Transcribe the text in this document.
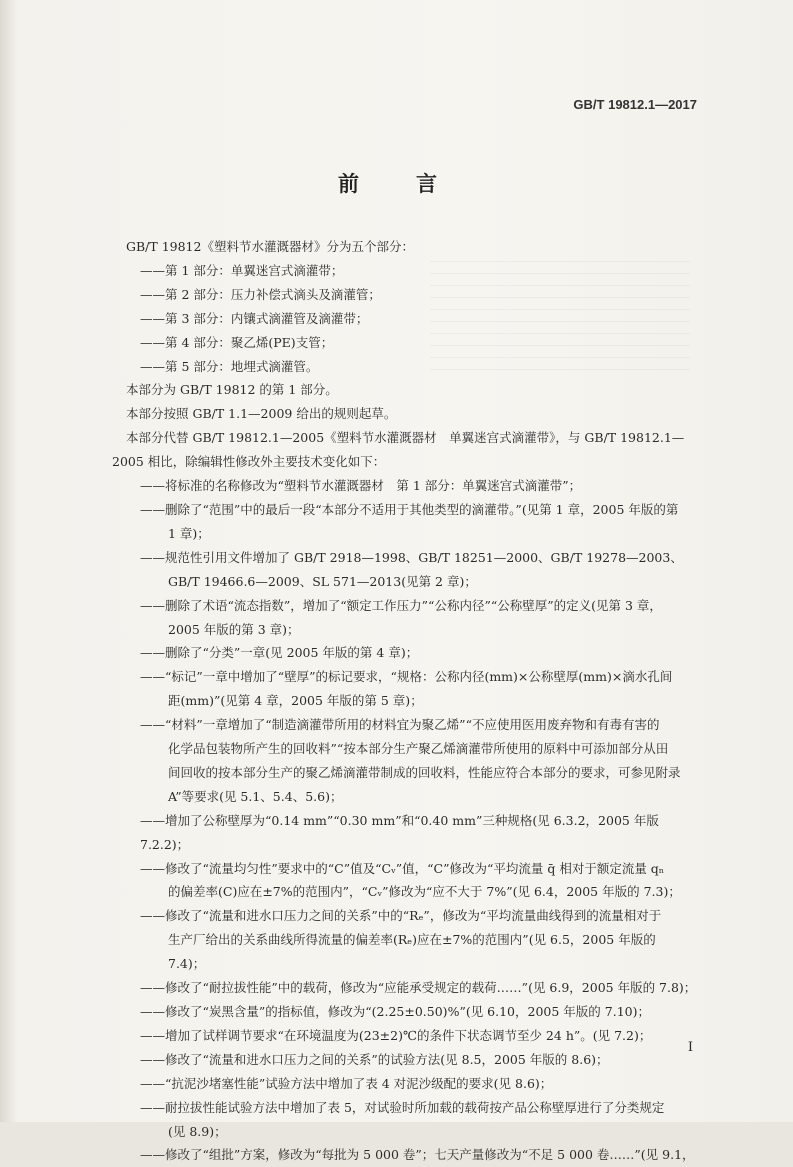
GB/T 19812.1—2017
前　言

GB/T 19812《塑料节水灌溉器材》分为五个部分：

——第 1 部分：单翼迷宫式滴灌带；

——第 2 部分：压力补偿式滴头及滴灌管；

——第 3 部分：内镶式滴灌管及滴灌带；

——第 4 部分：聚乙烯(PE)支管；

——第 5 部分：地埋式滴灌管。

本部分为 GB/T 19812 的第 1 部分。

本部分按照 GB/T 1.1—2009 给出的规则起草。

本部分代替 GB/T 19812.1—2005《塑料节水灌溉器材　单翼迷宫式滴灌带》，与 GB/T 19812.1—

2005 相比，除编辑性修改外主要技术变化如下：

——将标准的名称修改为“塑料节水灌溉器材　第 1 部分：单翼迷宫式滴灌带”；

——删除了“范围”中的最后一段“本部分不适用于其他类型的滴灌带。”(见第 1 章，2005 年版的第

1 章)；

——规范性引用文件增加了 GB/T 2918—1998、GB/T 18251—2000、GB/T 19278—2003、

GB/T 19466.6—2009、SL 571—2013(见第 2 章)；

——删除了术语“流态指数”，增加了“额定工作压力”“公称内径”“公称壁厚”的定义(见第 3 章，

2005 年版的第 3 章)；

——删除了“分类”一章(见 2005 年版的第 4 章)；

——“标记”一章中增加了“壁厚”的标记要求，“规格：公称内径(mm)×公称壁厚(mm)×滴水孔间

距(mm)”(见第 4 章，2005 年版的第 5 章)；

——“材料”一章增加了“制造滴灌带所用的材料宜为聚乙烯”“不应使用医用废弃物和有毒有害的

化学品包装物所产生的回收料”“按本部分生产聚乙烯滴灌带所使用的原料中可添加部分从田

间回收的按本部分生产的聚乙烯滴灌带制成的回收料，性能应符合本部分的要求，可参见附录

A”等要求(见 5.1、5.4、5.6)；

——增加了公称壁厚为“0.14 mm”“0.30 mm”和“0.40 mm”三种规格(见 6.3.2，2005 年版 7.2.2)；

——修改了“流量均匀性”要求中的“C”值及“Cᵥ”值，“C”修改为“平均流量 q̄ 相对于额定流量 qₙ

的偏差率(C)应在±7%的范围内”，“Cᵥ”修改为“应不大于 7%”(见 6.4，2005 年版的 7.3)；

——修改了“流量和进水口压力之间的关系”中的“Rₑ”，修改为“平均流量曲线得到的流量相对于

生产厂给出的关系曲线所得流量的偏差率(Rₑ)应在±7%的范围内”(见 6.5，2005 年版的

7.4)；

——修改了“耐拉拔性能”中的载荷，修改为“应能承受规定的载荷……”(见 6.9，2005 年版的 7.8)；

——修改了“炭黑含量”的指标值，修改为“(2.25±0.50)%”(见 6.10，2005 年版的 7.10)；

——增加了试样调节要求“在环境温度为(23±2)℃的条件下状态调节至少 24 h”。(见 7.2)；

——修改了“流量和进水口压力之间的关系”的试验方法(见 8.5，2005 年版的 8.6)；

——“抗泥沙堵塞性能”试验方法中增加了表 4 对泥沙级配的要求(见 8.6)；

——耐拉拔性能试验方法中增加了表 5，对试验时所加载的载荷按产品公称壁厚进行了分类规定

(见 8.9)；

——修改了“组批”方案，修改为“每批为 5 000 卷”；七天产量修改为“不足 5 000 卷……”(见 9.1，

I
